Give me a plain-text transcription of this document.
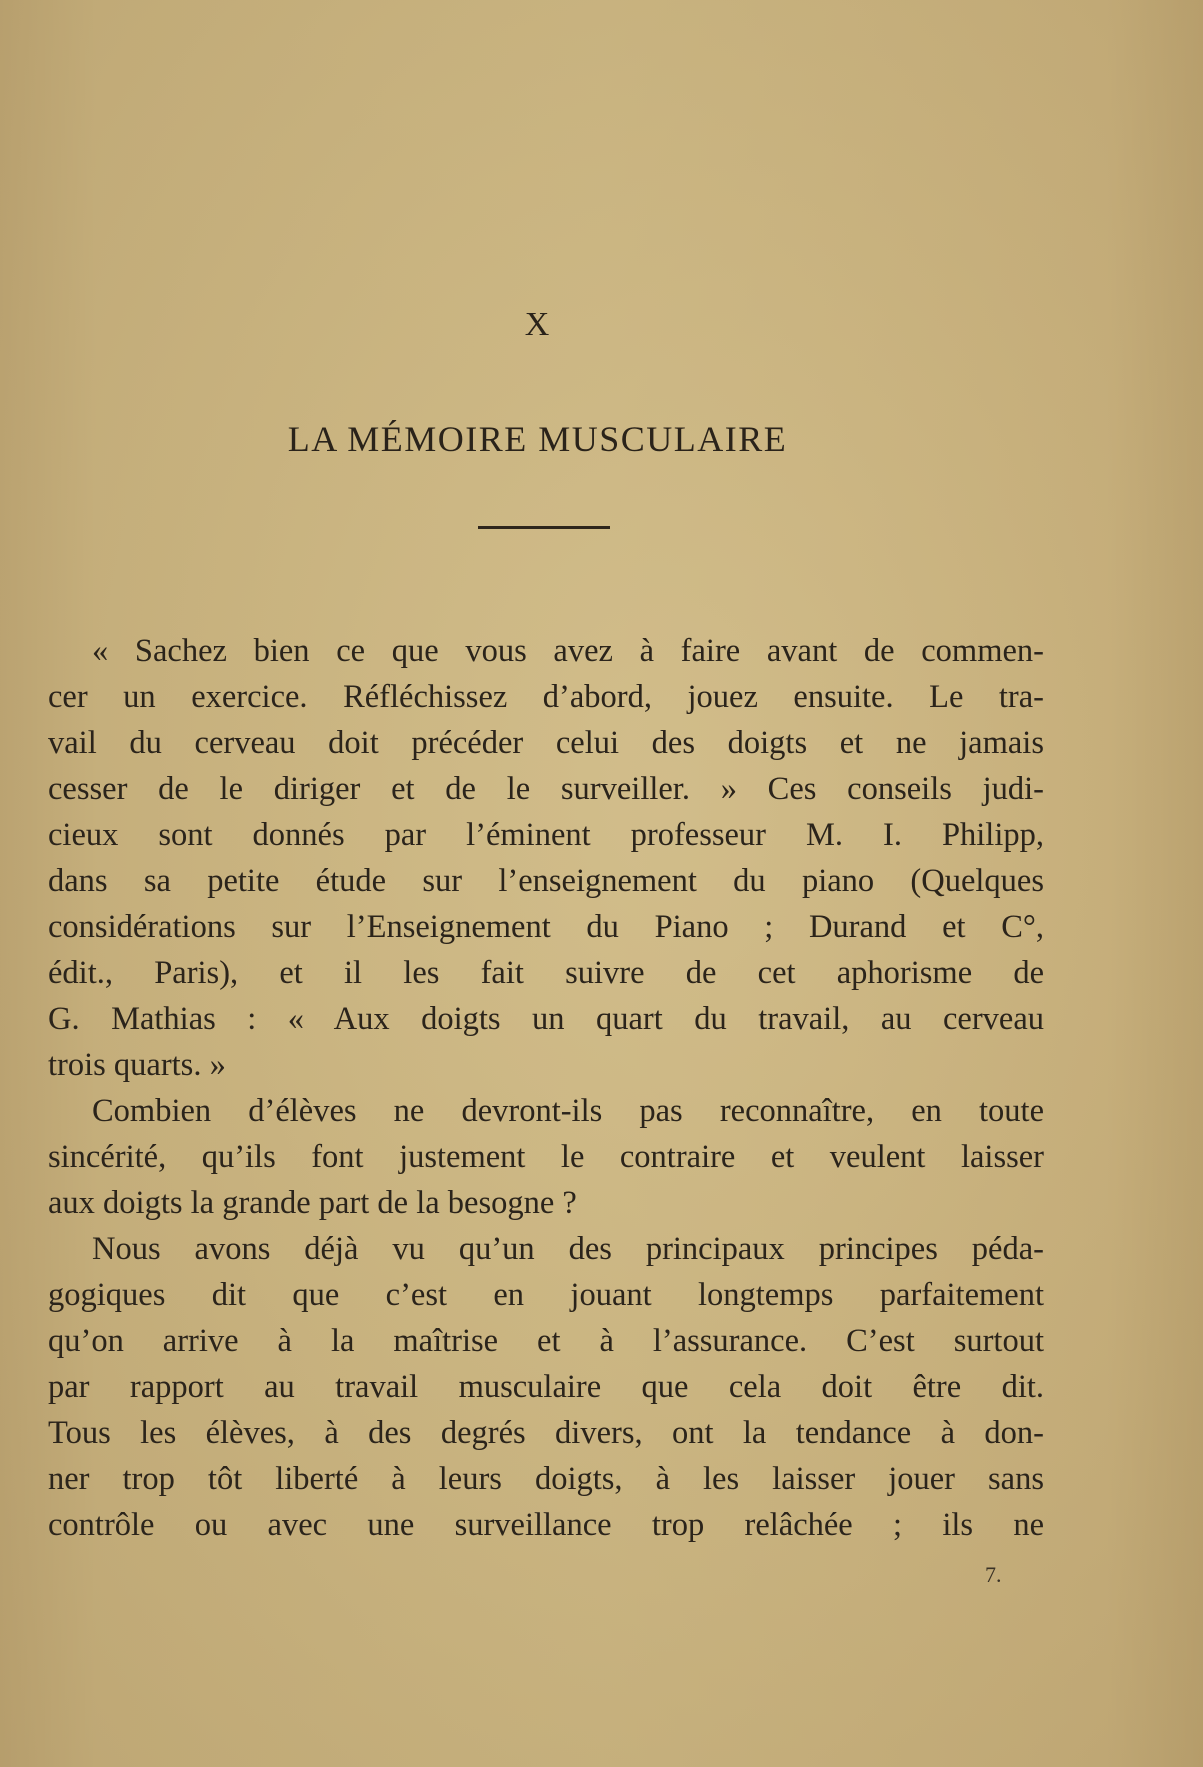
X
LA MÉMOIRE MUSCULAIRE
« Sachez bien ce que vous avez à faire avant de commen-
cer un exercice. Réfléchissez d’abord, jouez ensuite. Le tra-
vail du cerveau doit précéder celui des doigts et ne jamais
cesser de le diriger et de le surveiller. » Ces conseils judi-
cieux sont donnés par l’éminent professeur M. I. Philipp,
dans sa petite étude sur l’enseignement du piano (Quelques
considérations sur l’Enseignement du Piano ; Durand et C°,
édit., Paris), et il les fait suivre de cet aphorisme de
G. Mathias : « Aux doigts un quart du travail, au cerveau
trois quarts. »
Combien d’élèves ne devront-ils pas reconnaître, en toute
sincérité, qu’ils font justement le contraire et veulent laisser
aux doigts la grande part de la besogne ?
Nous avons déjà vu qu’un des principaux principes péda-
gogiques dit que c’est en jouant longtemps parfaitement
qu’on arrive à la maîtrise et à l’assurance. C’est surtout
par rapport au travail musculaire que cela doit être dit.
Tous les élèves, à des degrés divers, ont la tendance à don-
ner trop tôt liberté à leurs doigts, à les laisser jouer sans
contrôle ou avec une surveillance trop relâchée ; ils ne
7.
